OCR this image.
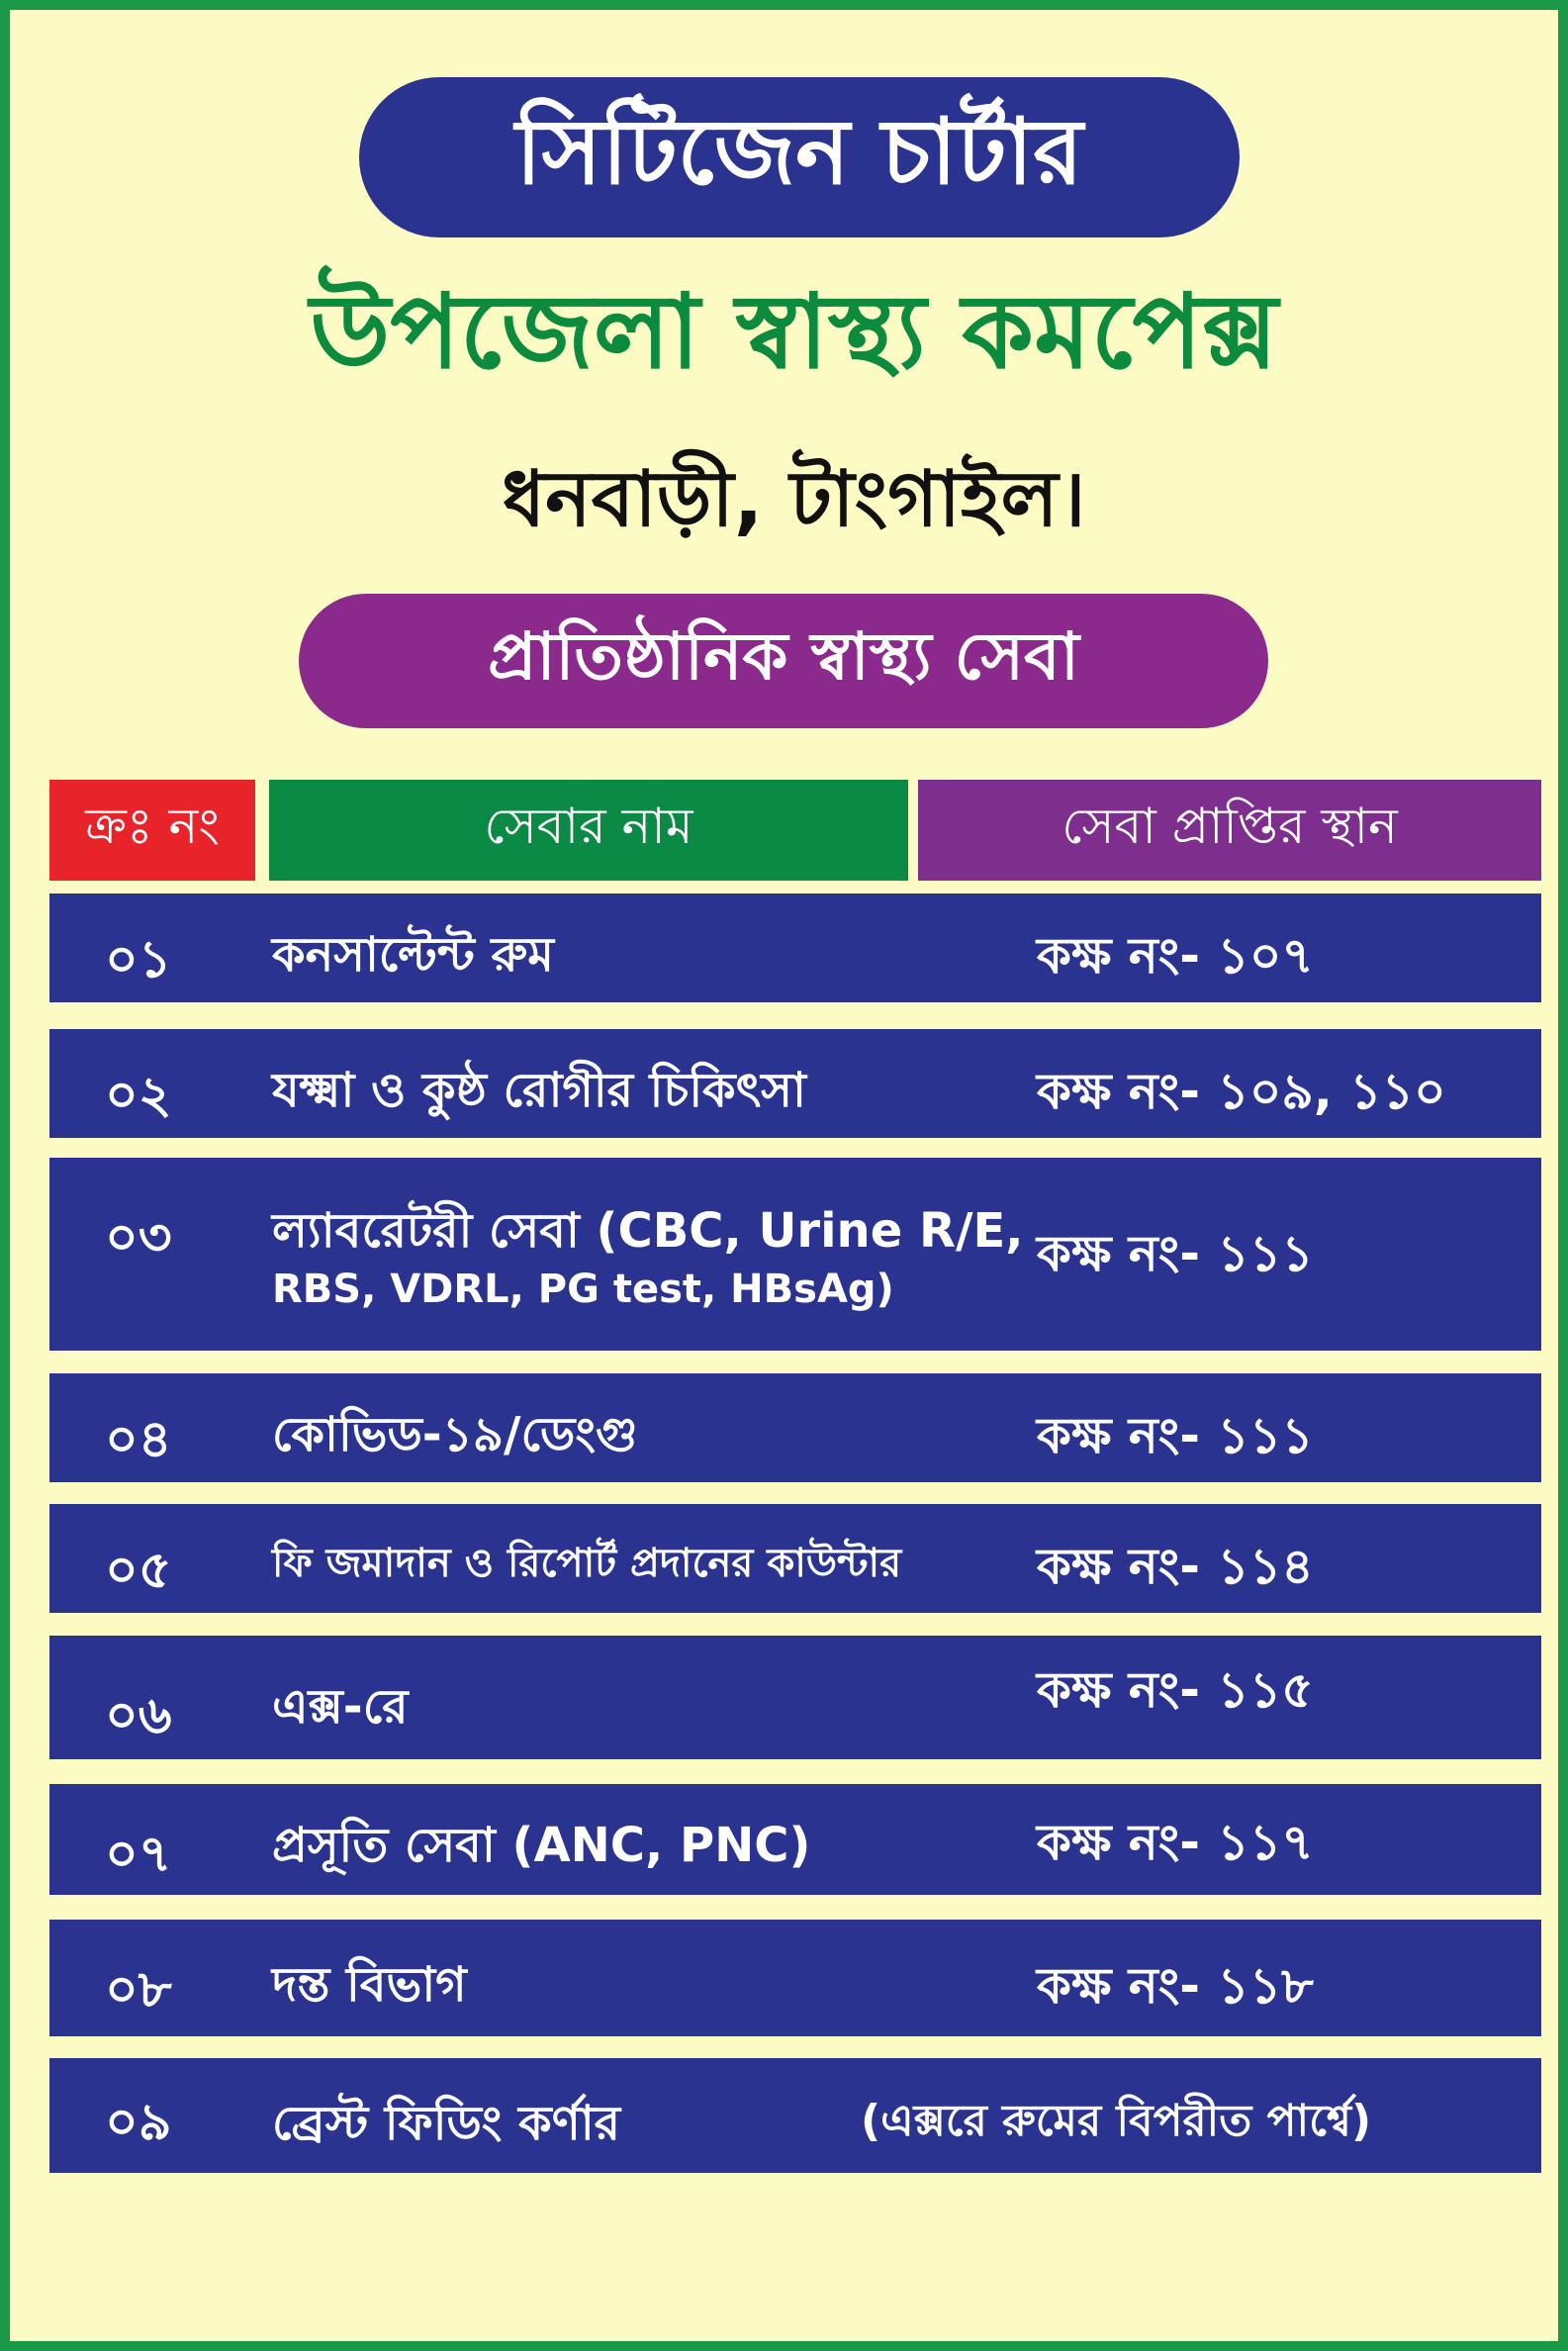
সিটিজেন চার্টার
উপজেলা স্বাস্থ্য কমপেক্স
ধনবাড়ী, টাংগাইল।
প্রাতিষ্ঠানিক স্বাস্থ্য সেবা
ক্রঃ নং	সেবার নাম	সেবা প্রাপ্তির স্থান
০১ কনসাল্টেন্ট রুম	কক্ষ নং- ১০৭
০২ যক্ষ্মা ও কুষ্ঠ রোগীর চিকিৎসা	কক্ষ নং- ১০৯, ১১০
০৩ ল্যাবরেটরী সেবা (CBC, Urine R/E,
RBS, VDRL, PG test, HBsAg)
কক্ষ নং- ১১১
০৪ কোভিড-১৯/ডেংগু	কক্ষ নং- ১১১
০৫	ফি জমাদান ও রিপোর্ট প্রদানের কাউন্টার	কক্ষ নং- ১১৪
০৬ এক্স-রে	কক্ষ নং- ১১৫
০৭ প্রসূতি সেবা (ANC, PNC)	কক্ষ নং- ১১৭
০৮ দন্ত বিভাগ	কক্ষ নং- ১১৮
০৯ ব্রেস্ট ফিডিং কর্ণার	(এক্সরে রুমের বিপরীত পার্শ্বে)
